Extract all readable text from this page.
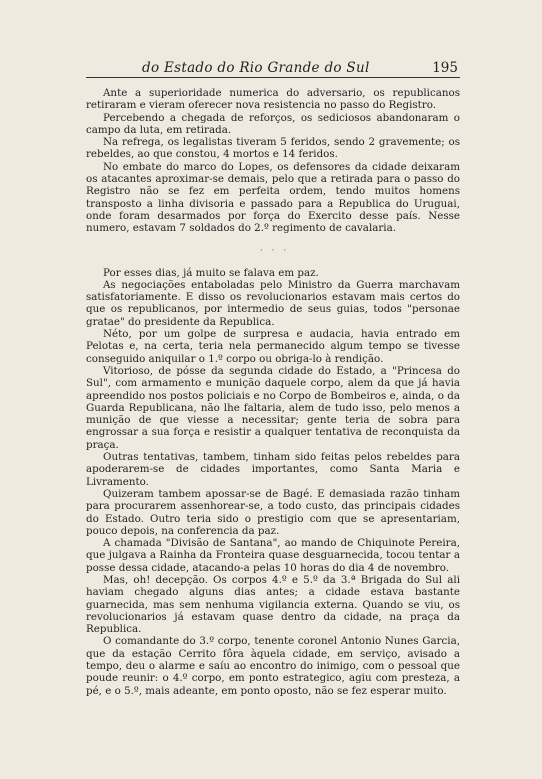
do Estado do Rio Grande do Sul	195

Ante a superioridade numerica do adversario, os republicanos retiraram e vieram oferecer nova resistencia no passo do Registro.

Percebendo a chegada de reforços, os sediciosos abandonaram o campo da luta, em retirada.

Na refrega, os legalistas tiveram 5 feridos, sendo 2 gravemente; os rebeldes, ao que constou, 4 mortos e 14 feridos.

No embate do marco do Lopes, os defensores da cidade deixaram os atacantes aproximar-se demais, pelo que a retirada para o passo do Registro não se fez em perfeita ordem, tendo muitos homens transposto a linha divisoria e passado para a Republica do Uruguai, onde foram desarmados por força do Exercito desse país. Nesse numero, estavam 7 soldados do 2.º regimento de cavalaria.

· · ·

Por esses dias, já muito se falava em paz.

As negociações entaboladas pelo Ministro da Guerra marchavam satisfatoriamente. E disso os revolucionarios estavam mais certos do que os republicanos, por intermedio de seus guias, todos "personae gratae" do presidente da Republica.

Néto, por um golpe de surpresa e audacia, havia entrado em Pelotas e, na certa, teria nela permanecido algum tempo se tivesse conseguido aniquilar o 1.º corpo ou obriga-lo à rendição.

Vitorioso, de pósse da segunda cidade do Estado, a "Princesa do Sul", com armamento e munição daquele corpo, alem da que já havia apreendido nos postos policiais e no Corpo de Bombeiros e, ainda, o da Guarda Republicana, não lhe faltaria, alem de tudo isso, pelo menos a munição de que viesse a necessitar; gente teria de sobra para engrossar a sua força e resistir a qualquer tentativa de reconquista da praça.

Outras tentativas, tambem, tinham sido feitas pelos rebeldes para apoderarem-se de cidades importantes, como Santa Maria e Livramento.

Quizeram tambem apossar-se de Bagé. E demasiada razão tinham para procurarem assenhorear-se, a todo custo, das principais cidades do Estado. Outro teria sido o prestigio com que se apresentariam, pouco depois, na conferencia da paz.

A chamada "Divisão de Santana", ao mando de Chiquinote Pereira, que julgava a Rainha da Fronteira quase desguarnecida, tocou tentar a posse dessa cidade, atacando-a pelas 10 horas do dia 4 de novembro.

Mas, oh! decepção. Os corpos 4.º e 5.º da 3.ª Brigada do Sul ali haviam chegado alguns dias antes; a cidade estava bastante guarnecida, mas sem nenhuma vigilancia externa. Quando se viu, os revolucionarios já estavam quase dentro da cidade, na praça da Republica.

O comandante do 3.º corpo, tenente coronel Antonio Nunes Garcia, que da estação Cerrito fôra àquela cidade, em serviço, avisado a tempo, deu o alarme e saíu ao encontro do inimigo, com o pessoal que poude reunir: o 4.º corpo, em ponto estrategico, agiu com presteza, a pé, e o 5.º, mais adeante, em ponto oposto, não se fez esperar muito.
